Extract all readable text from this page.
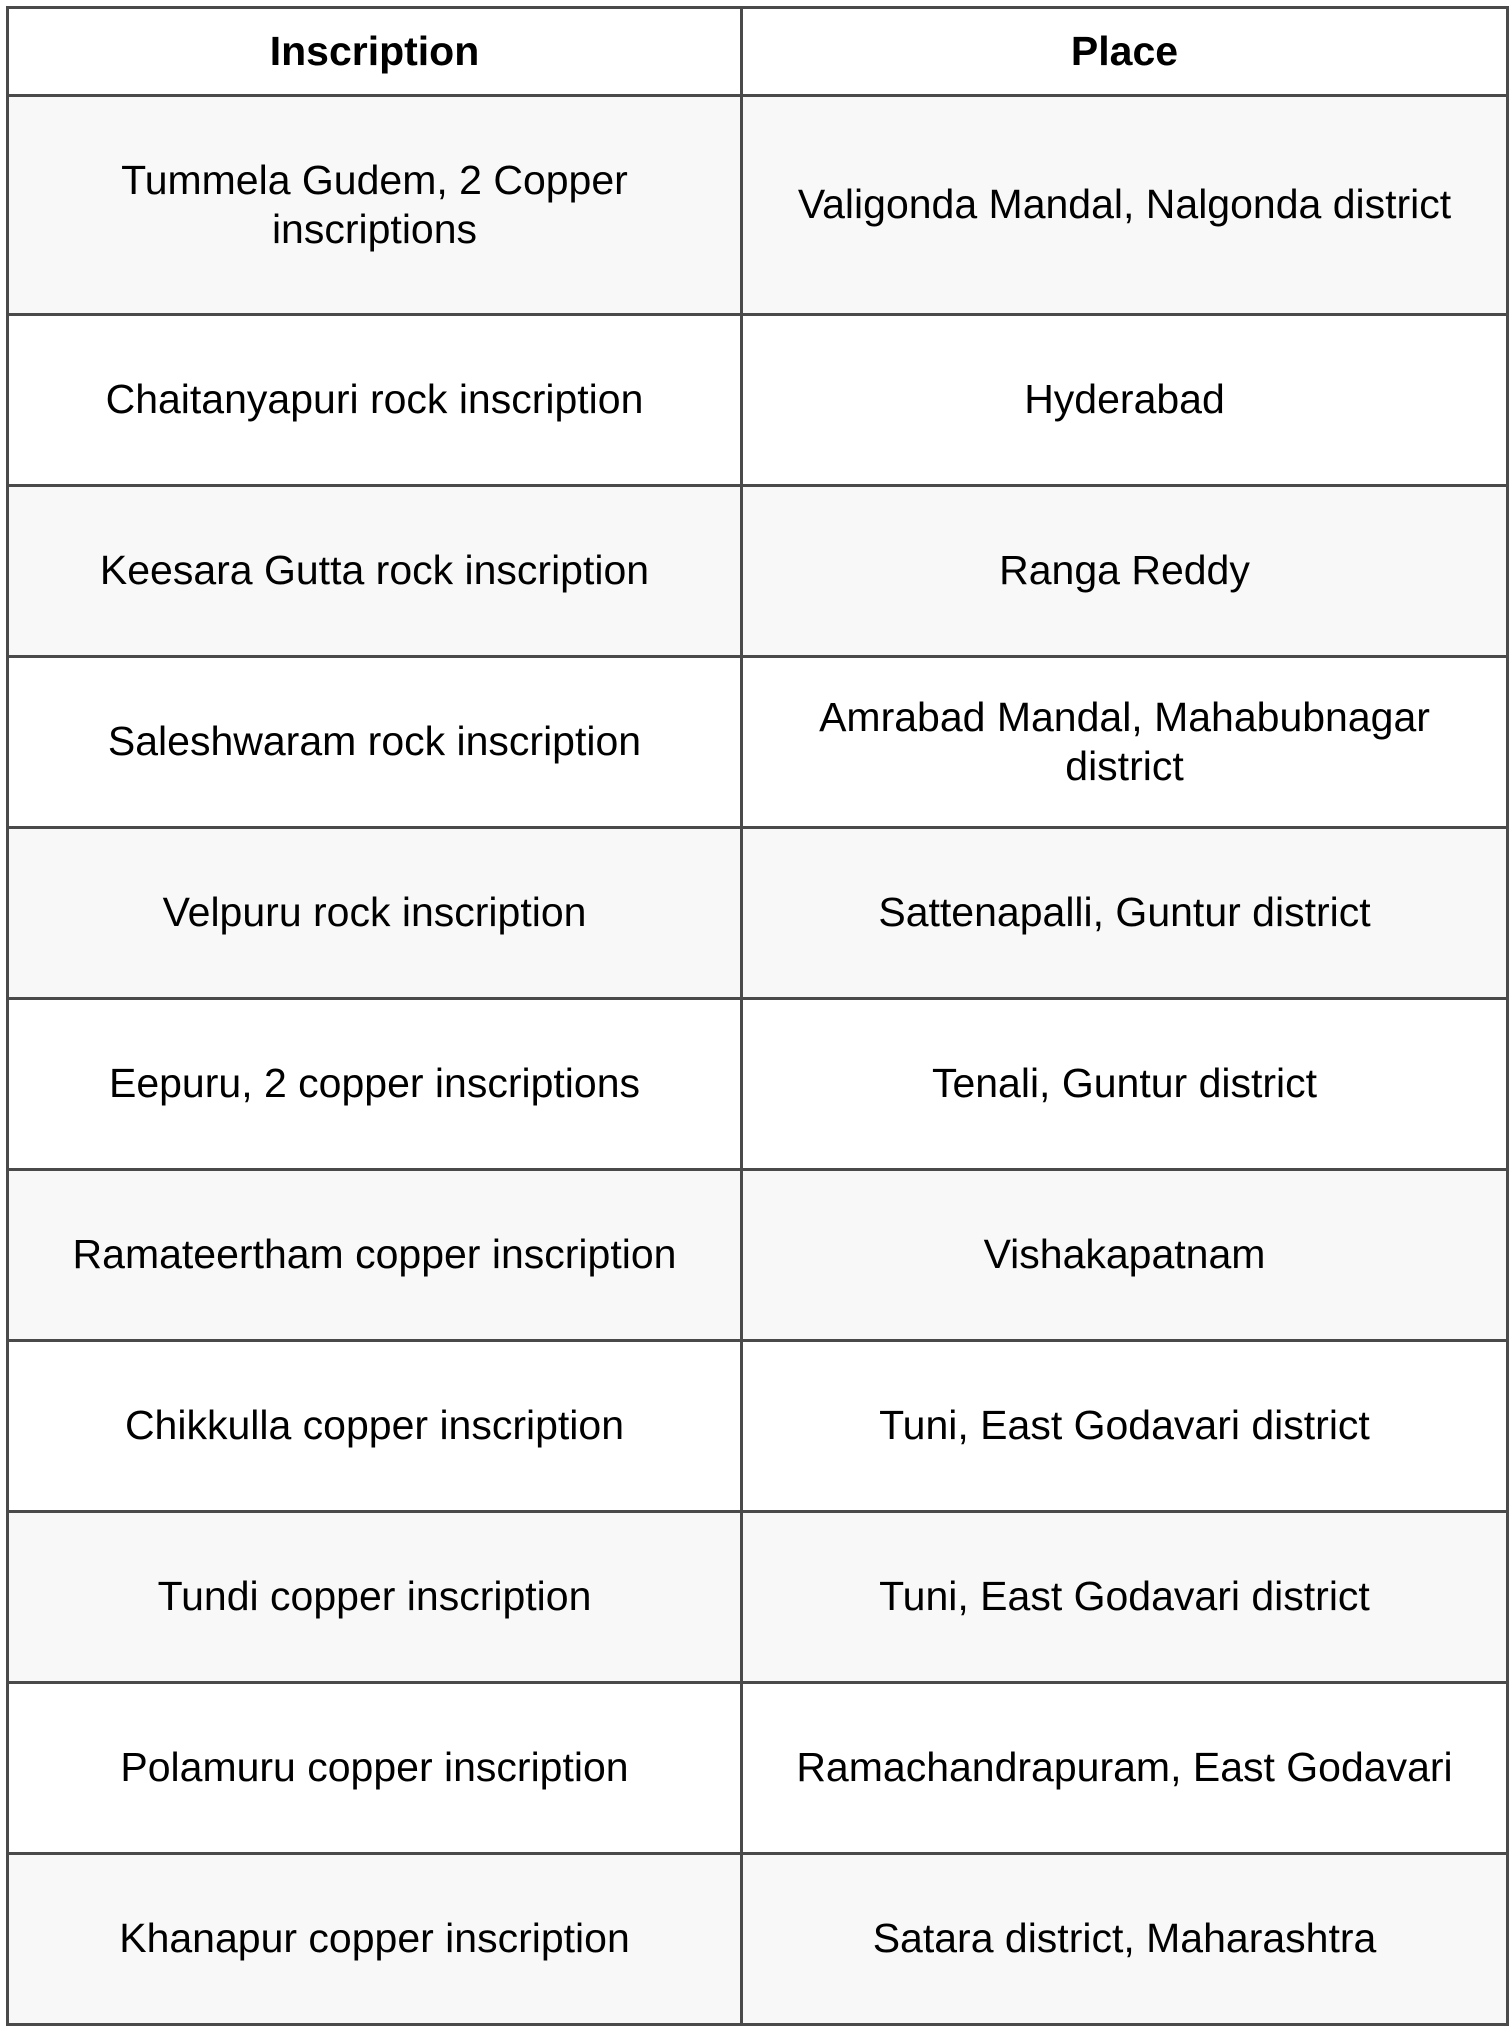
Inscription	Place
Tummela Gudem, 2 Copper inscriptions	Valigonda Mandal, Nalgonda district
Chaitanyapuri rock inscription	Hyderabad
Keesara Gutta rock inscription	Ranga Reddy
Saleshwaram rock inscription	Amrabad Mandal, Mahabubnagar district
Velpuru rock inscription	Sattenapalli, Guntur district
Eepuru, 2 copper inscriptions	Tenali, Guntur district
Ramateertham copper inscription	Vishakapatnam
Chikkulla copper inscription	Tuni, East Godavari district
Tundi copper inscription	Tuni, East Godavari district
Polamuru copper inscription	Ramachandrapuram, East Godavari
Khanapur copper inscription	Satara district, Maharashtra
